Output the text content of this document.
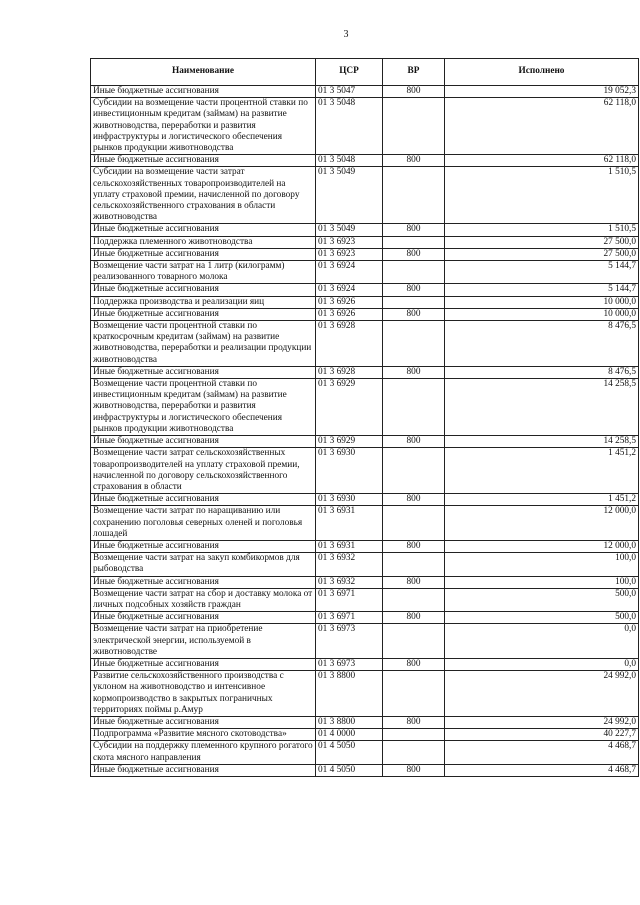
3
Наименование	ЦСР	ВР	Исполнено
Иные бюджетные ассигнования	01 3 5047	800	19 052,3
Субсидии на возмещение части процентной ставки по инвестиционным кредитам (займам) на развитие животноводства, переработки и развития инфраструктуры и логистического обеспечения рынков продукции животноводства	01 3 5048		62 118,0
Иные бюджетные ассигнования	01 3 5048	800	62 118,0
Субсидии на возмещение части затрат сельскохозяйственных товаропроизводителей на уплату страховой премии, начисленной по договору сельскохозяйственного страхования в области животноводства	01 3 5049		1 510,5
Иные бюджетные ассигнования	01 3 5049	800	1 510,5
Поддержка племенного животноводства	01 3 6923		27 500,0
Иные бюджетные ассигнования	01 3 6923	800	27 500,0
Возмещение части затрат на 1 литр (килограмм) реализованного товарного молока	01 3 6924		5 144,7
Иные бюджетные ассигнования	01 3 6924	800	5 144,7
Поддержка производства и реализации яиц	01 3 6926		10 000,0
Иные бюджетные ассигнования	01 3 6926	800	10 000,0
Возмещение части процентной ставки по краткосрочным кредитам (займам) на развитие животноводства, переработки и реализации продукции животноводства	01 3 6928		8 476,5
Иные бюджетные ассигнования	01 3 6928	800	8 476,5
Возмещение части процентной ставки по инвестиционным кредитам (займам) на развитие животноводства, переработки и развития инфраструктуры и логистического обеспечения рынков продукции животноводства	01 3 6929		14 258,5
Иные бюджетные ассигнования	01 3 6929	800	14 258,5
Возмещение части затрат сельскохозяйственных товаропроизводителей на уплату страховой премии, начисленной по договору сельскохозяйственного страхования в области	01 3 6930		1 451,2
Иные бюджетные ассигнования	01 3 6930	800	1 451,2
Возмещение части затрат по наращиванию или сохранению поголовья северных оленей и поголовья лошадей	01 3 6931		12 000,0
Иные бюджетные ассигнования	01 3 6931	800	12 000,0
Возмещение части затрат на закуп комбикормов для рыбоводства	01 3 6932		100,0
Иные бюджетные ассигнования	01 3 6932	800	100,0
Возмещение части затрат на сбор и доставку молока от личных подсобных хозяйств граждан	01 3 6971		500,0
Иные бюджетные ассигнования	01 3 6971	800	500,0
Возмещение части затрат на приобретение электрической энергии, используемой в животноводстве	01 3 6973		0,0
Иные бюджетные ассигнования	01 3 6973	800	0,0
Развитие сельскохозяйственного производства с уклоном на животноводство и интенсивное кормопроизводство в закрытых пограничных территориях поймы р.Амур	01 3 8800		24 992,0
Иные бюджетные ассигнования	01 3 8800	800	24 992,0
Подпрограмма «Развитие мясного скотоводства»	01 4 0000		40 227,7
Субсидии на поддержку племенного крупного рогатого скота мясного направления	01 4 5050		4 468,7
Иные бюджетные ассигнования	01 4 5050	800	4 468,7
